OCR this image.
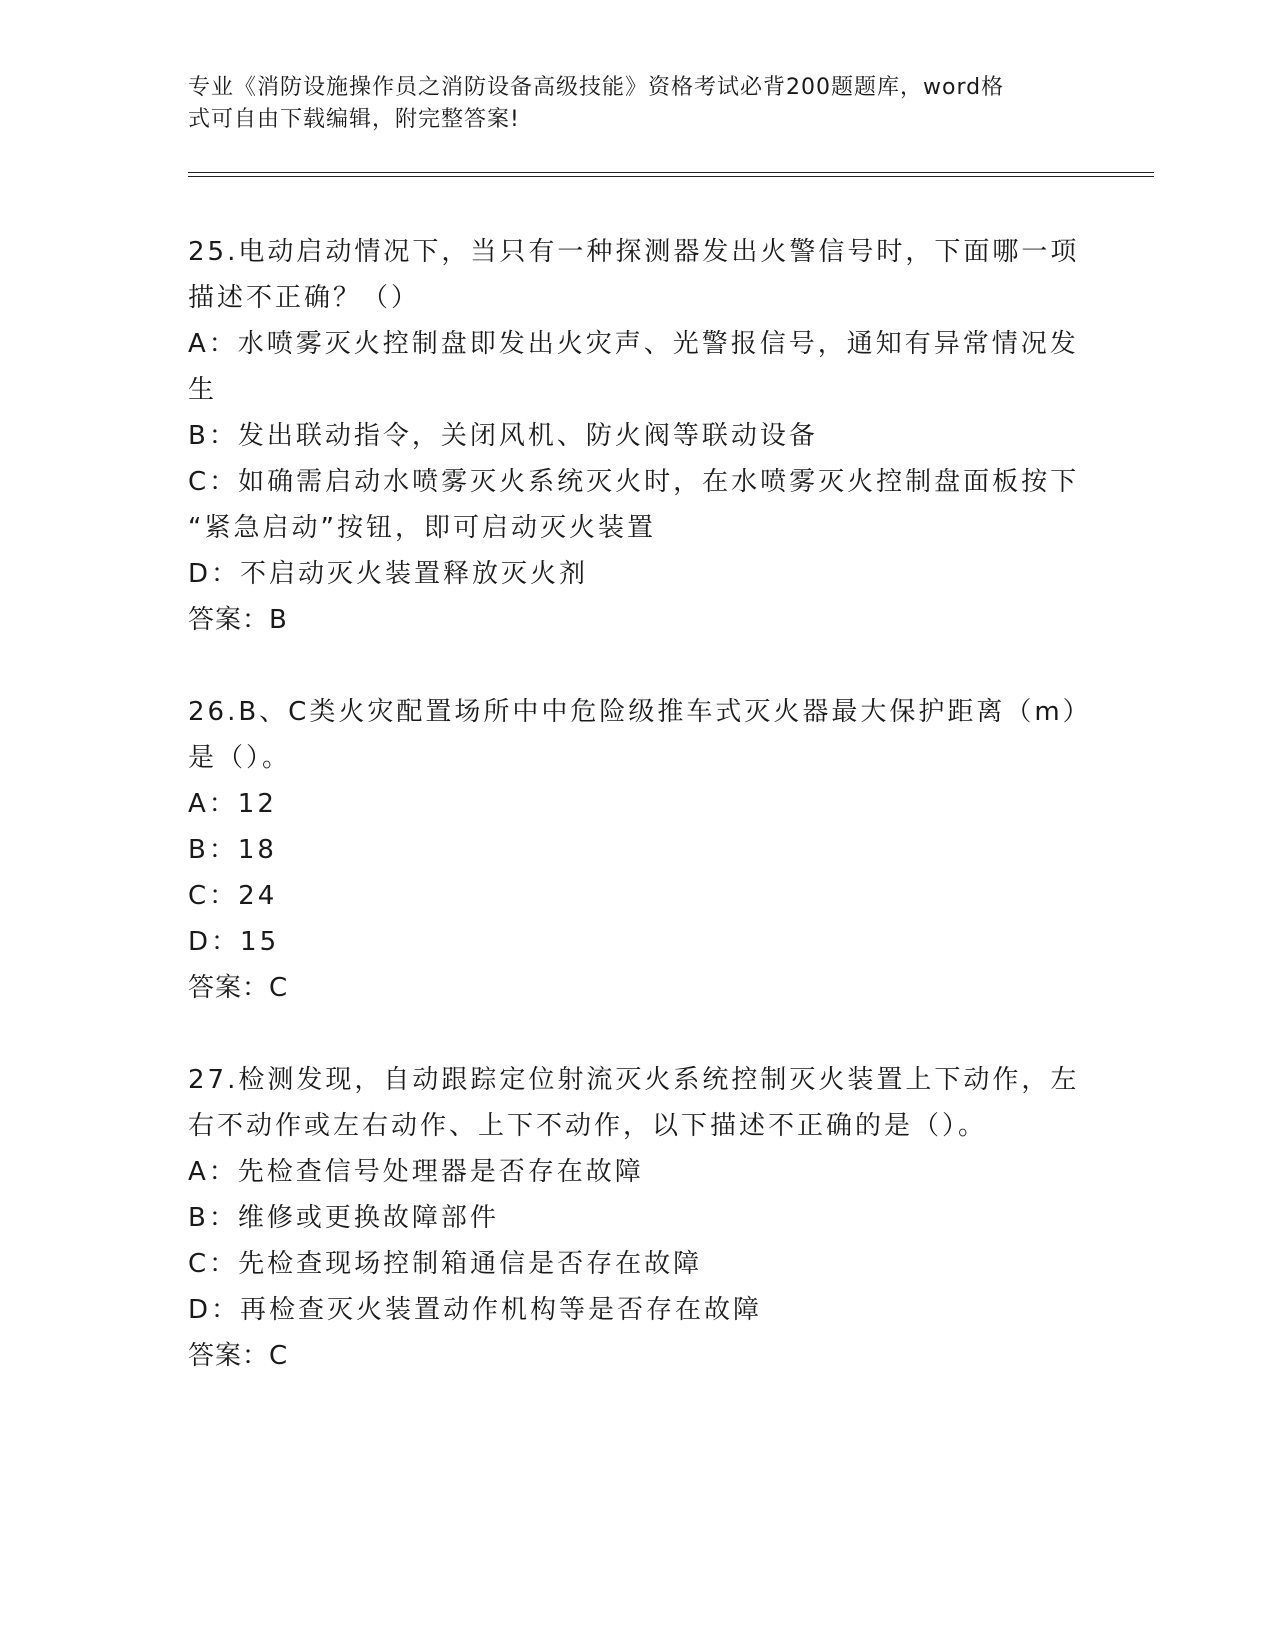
专业《消防设施操作员之消防设备高级技能》资格考试必背200题题库，word格

式可自由下载编辑，附完整答案!

25.电动启动情况下，当只有一种探测器发出火警信号时，下面哪一项

描述不正确？（）

A：水喷雾灭火控制盘即发出火灾声、光警报信号，通知有异常情况发

生

B：发出联动指令，关闭风机、防火阀等联动设备

C：如确需启动水喷雾灭火系统灭火时，在水喷雾灭火控制盘面板按下

“紧急启动”按钮，即可启动灭火装置

D：不启动灭火装置释放灭火剂

答案：B

26.B、C类火灾配置场所中中危险级推车式灭火器最大保护距离（m）

是（）。

A：12

B：18

C：24

D：15

答案：C

27.检测发现，自动跟踪定位射流灭火系统控制灭火装置上下动作，左

右不动作或左右动作、上下不动作，以下描述不正确的是（）。

A：先检查信号处理器是否存在故障

B：维修或更换故障部件

C：先检查现场控制箱通信是否存在故障

D：再检查灭火装置动作机构等是否存在故障

答案：C
